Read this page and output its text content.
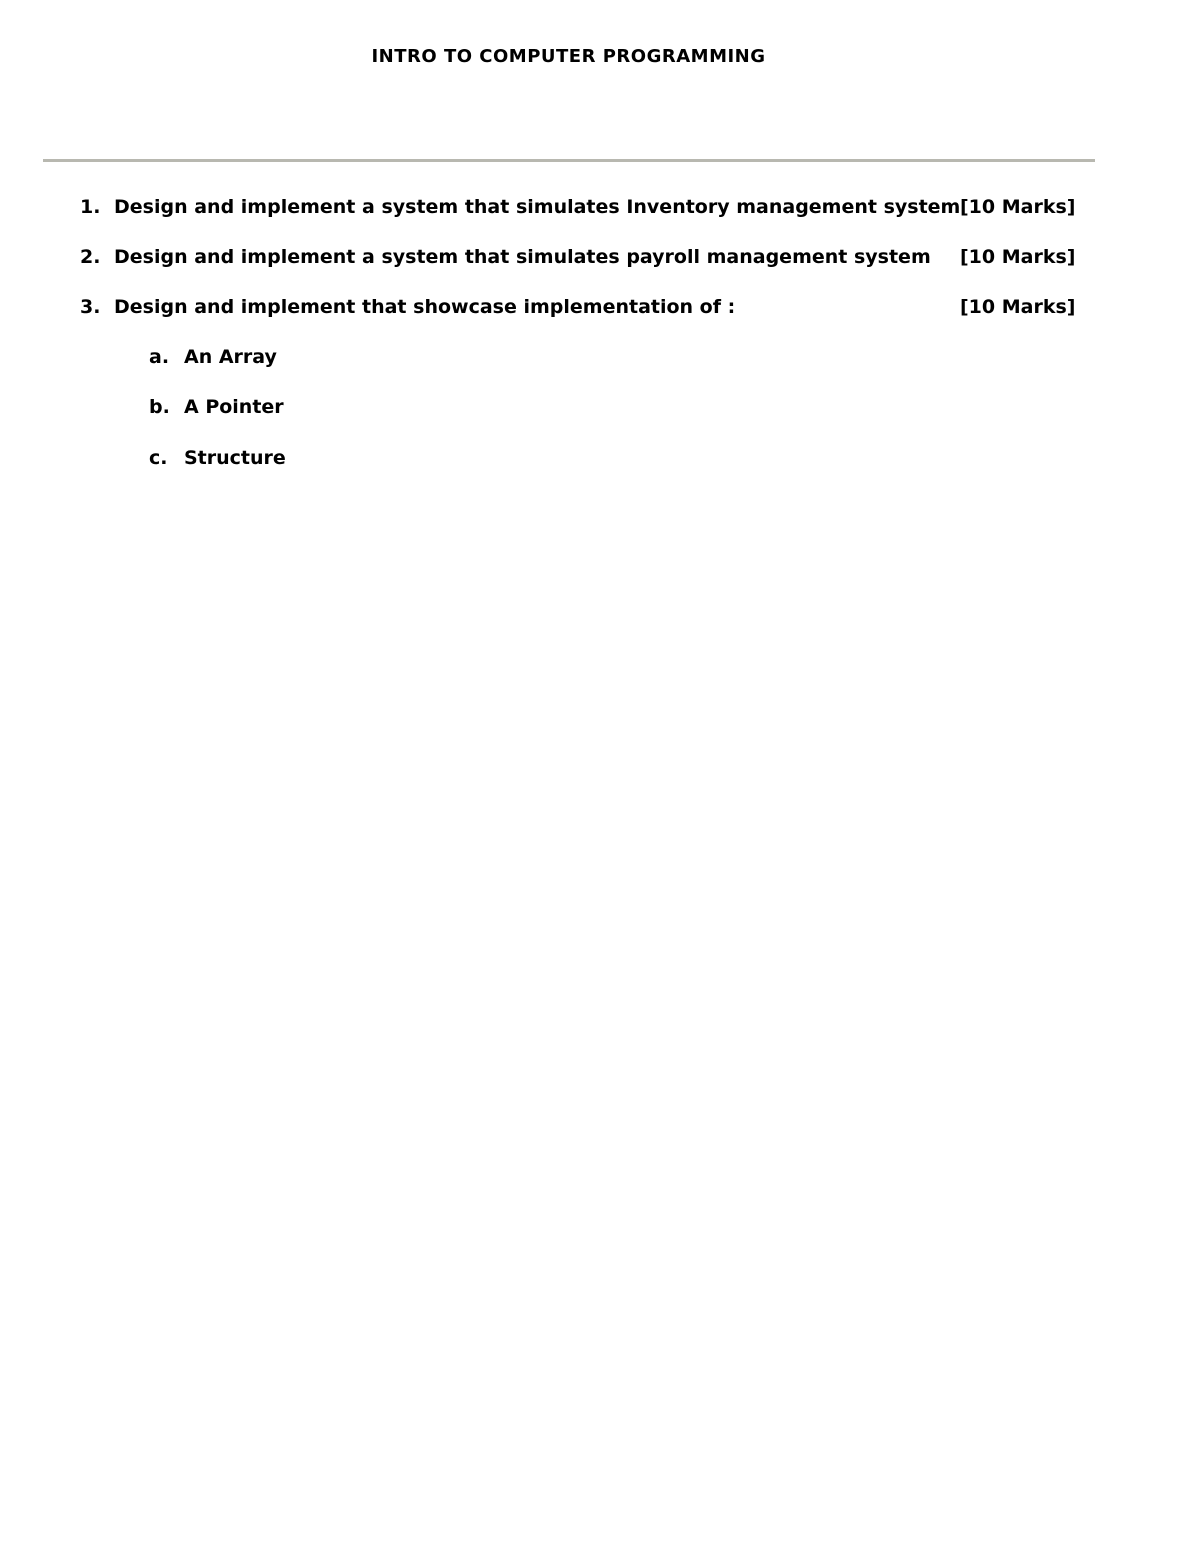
INTRO TO COMPUTER PROGRAMMING
1. Design and implement a system that simulates Inventory management system [10 Marks]
2. Design and implement a system that simulates payroll management system [10 Marks]
3. Design and implement that showcase implementation of :	[10 Marks]
a. An Array
b. A Pointer
c. Structure
